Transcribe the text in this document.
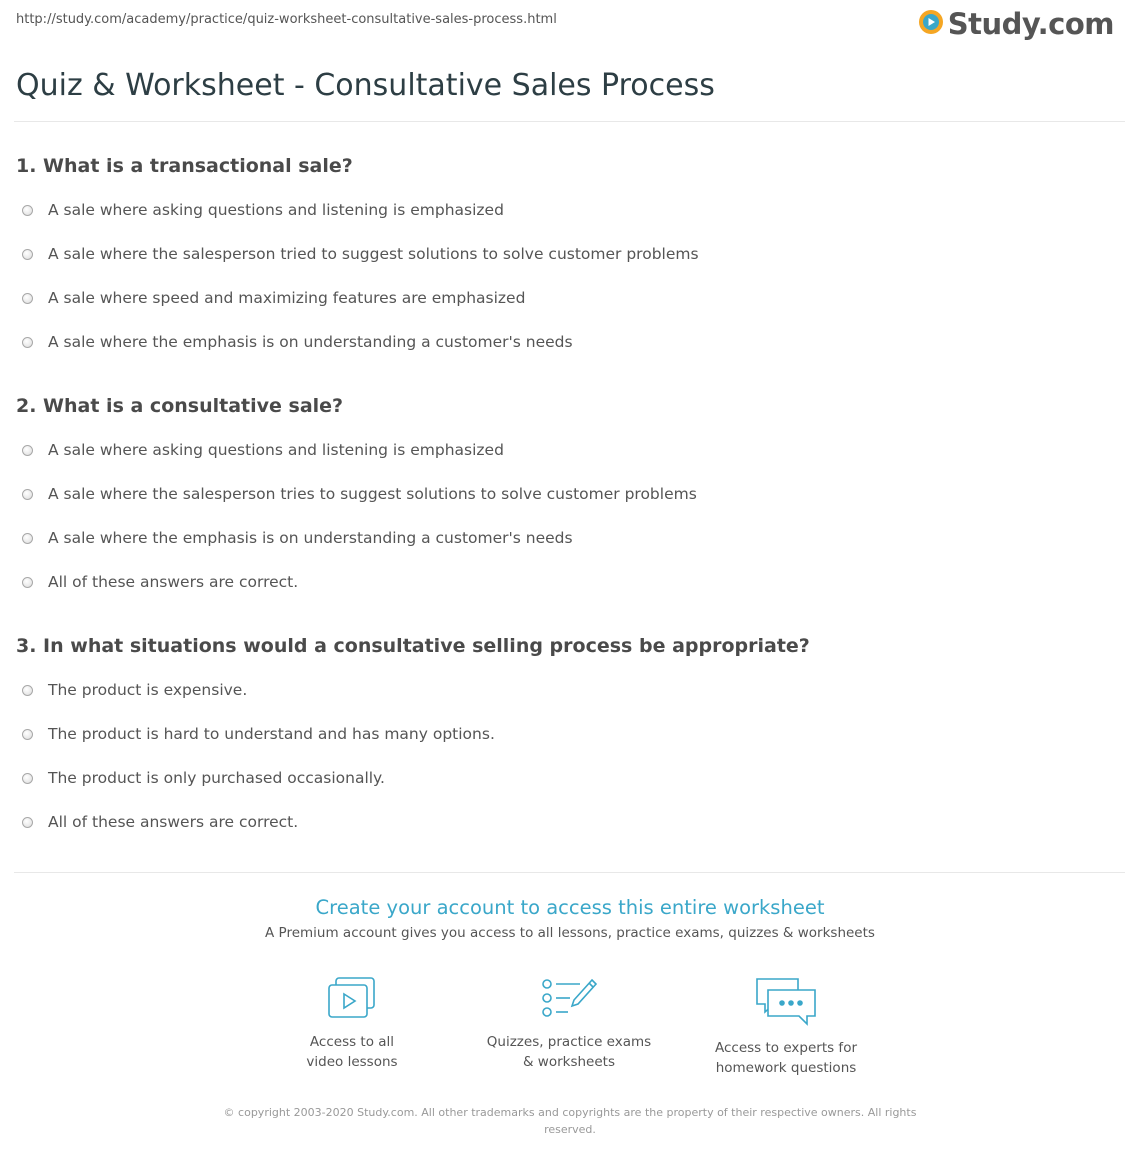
http://study.com/academy/practice/quiz-worksheet-consultative-sales-process.html	Study.com
Quiz & Worksheet - Consultative Sales Process
1. What is a transactional sale?
A sale where asking questions and listening is emphasized
A sale where the salesperson tried to suggest solutions to solve customer problems
A sale where speed and maximizing features are emphasized
A sale where the emphasis is on understanding a customer's needs
2. What is a consultative sale?
A sale where asking questions and listening is emphasized
A sale where the salesperson tries to suggest solutions to solve customer problems
A sale where the emphasis is on understanding a customer's needs
All of these answers are correct.
3. In what situations would a consultative selling process be appropriate?
The product is expensive.
The product is hard to understand and has many options.
The product is only purchased occasionally.
All of these answers are correct.
Create your account to access this entire worksheet
A Premium account gives you access to all lessons, practice exams, quizzes & worksheets
Access to all
video lessons
Quizzes, practice exams
& worksheets
Access to experts for
homework questions
© copyright 2003-2020 Study.com. All other trademarks and copyrights are the property of their respective owners. All rights reserved.
